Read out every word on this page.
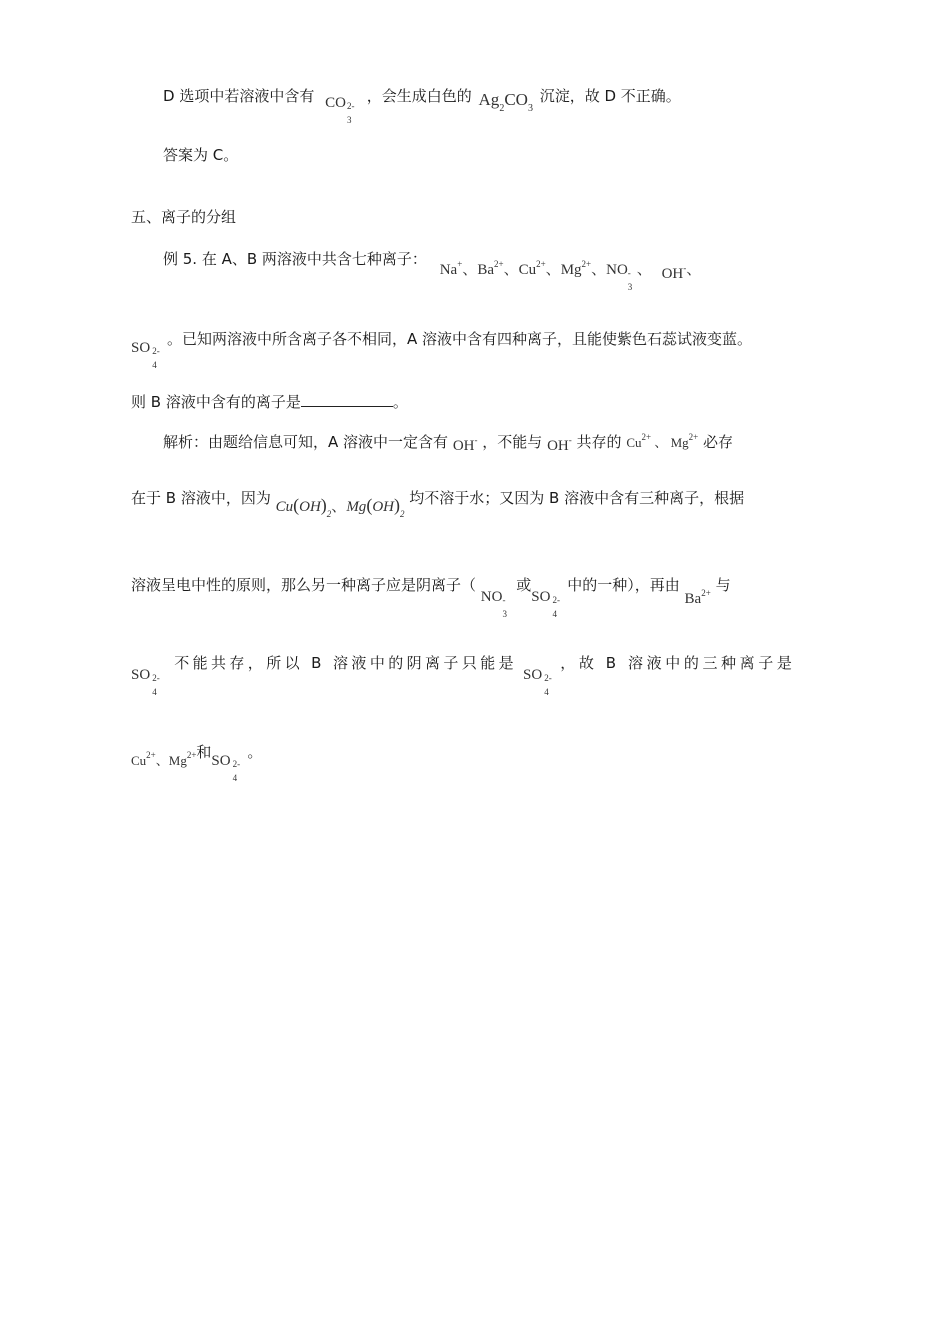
D 选项中若溶液中含有 CO 2-
3
，会生成白色的 $Ag_2CO_3$ 沉淀，故 D 不正确。
答案为 C。
五、离子的分组
例 5. 在 A、B 两溶液中共含七种离子： Na+、$Ba^{2+}$、$Cu^{2+}$、$Mg^{2+}$、NO -
3
、 OH-、
SO 2-
4
。已知两溶液中所含离子各不相同，A 溶液中含有四种离子，且能使紫色石蕊试液变蓝。
则 B 溶液中含有的离子是	。
解析：由题给信息可知，A 溶液中一定含有 OH- ，不能与 OH- 共存的 $Cu^{2+}$ 、 $Mg^{2+}$ 必存
在于 B 溶液中，因为 $Cu(OH)_2$、$Mg(OH)_2$ 均不溶于水；又因为 B 溶液中含有三种离子，根据
溶液呈电中性的原则，那么另一种离子应是阴离子（ NO -
3
或SO 2-
4
中的一种），再由 $Ba^{2+}$ 与
SO 2-
4
不能共存，所以 B 溶液中的阴离子只能是
SO 2-
4
，故 B 溶液中的三种离子是
$Cu^{2+}$、$Mg^{2+}$和SO 2-
4
。
